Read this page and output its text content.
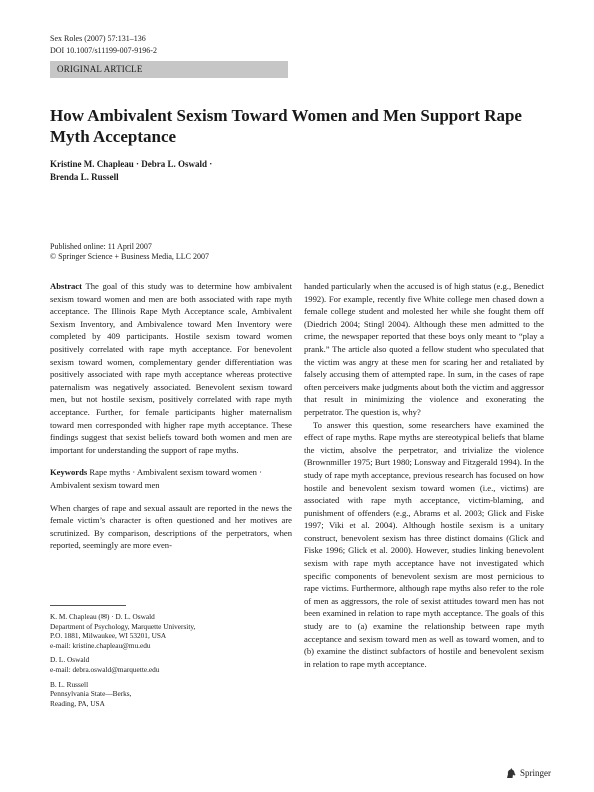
Sex Roles (2007) 57:131–136
DOI 10.1007/s11199-007-9196-2
ORIGINAL ARTICLE
How Ambivalent Sexism Toward Women and Men Support Rape Myth Acceptance
Kristine M. Chapleau · Debra L. Oswald ·
Brenda L. Russell
Published online: 11 April 2007
© Springer Science + Business Media, LLC 2007

Abstract The goal of this study was to determine how ambivalent sexism toward women and men are both associated with rape myth acceptance. The Illinois Rape Myth Acceptance scale, Ambivalent Sexism Inventory, and Ambivalence toward Men Inventory were completed by 409 participants. Hostile sexism toward women positively correlated with rape myth acceptance. For benevolent sexism toward women, complementary gender differentiation was positively associated with rape myth acceptance whereas protective paternalism was negatively associated. Benevolent sexism toward men, but not hostile sexism, positively correlated with rape myth acceptance. Further, for female participants higher maternalism toward men corresponded with higher rape myth acceptance. These findings suggest that sexist beliefs toward both women and men are important for understanding the support of rape myths.

Keywords Rape myths · Ambivalent sexism toward women · Ambivalent sexism toward men

When charges of rape and sexual assault are reported in the news the female victim’s character is often questioned and her motives are scrutinized. By comparison, descriptions of the perpetrators, when reported, seemingly are more even-

K. M. Chapleau (✉) · D. L. Oswald
Department of Psychology, Marquette University,
P.O. 1881, Milwaukee, WI 53201, USA
e-mail: kristine.chapleau@mu.edu

D. L. Oswald
e-mail: debra.oswald@marquette.edu

B. L. Russell
Pennsylvania State—Berks,
Reading, PA, USA

handed particularly when the accused is of high status (e.g., Benedict 1992). For example, recently five White college men chased down a female college student and molested her while she fought them off (Diedrich 2004; Stingl 2004). Although these men admitted to the crime, the newspaper reported that these boys only meant to “play a prank.” The article also quoted a fellow student who speculated that the victim was angry at these men for scaring her and retaliated by falsely accusing them of attempted rape. In sum, in the cases of rape often perceivers make judgments about both the victim and aggressor that result in minimizing the violence and exonerating the perpetrator. The question is, why?

To answer this question, some researchers have examined the effect of rape myths. Rape myths are stereotypical beliefs that blame the victim, absolve the perpetrator, and trivialize the violence (Brownmiller 1975; Burt 1980; Lonsway and Fitzgerald 1994). In the study of rape myth acceptance, previous research has focused on how hostile and benevolent sexism toward women (i.e., victims) are associated with rape myth acceptance, victim-blaming, and punishment of offenders (e.g., Abrams et al. 2003; Glick and Fiske 1997; Viki et al. 2004). Although hostile sexism is a unitary construct, benevolent sexism has three distinct domains (Glick and Fiske 1996; Glick et al. 2000). However, studies linking benevolent sexism with rape myth acceptance have not investigated which specific components of benevolent sexism are most pernicious to rape victims. Furthermore, although rape myths also refer to the role of men as aggressors, the role of sexist attitudes toward men has not been examined in relation to rape myth acceptance. The goals of this study are to (a) examine the relationship between rape myth acceptance and sexism toward men as well as toward women, and to (b) examine the distinct subfactors of hostile and benevolent sexism in relation to rape myth acceptance.

Springer
